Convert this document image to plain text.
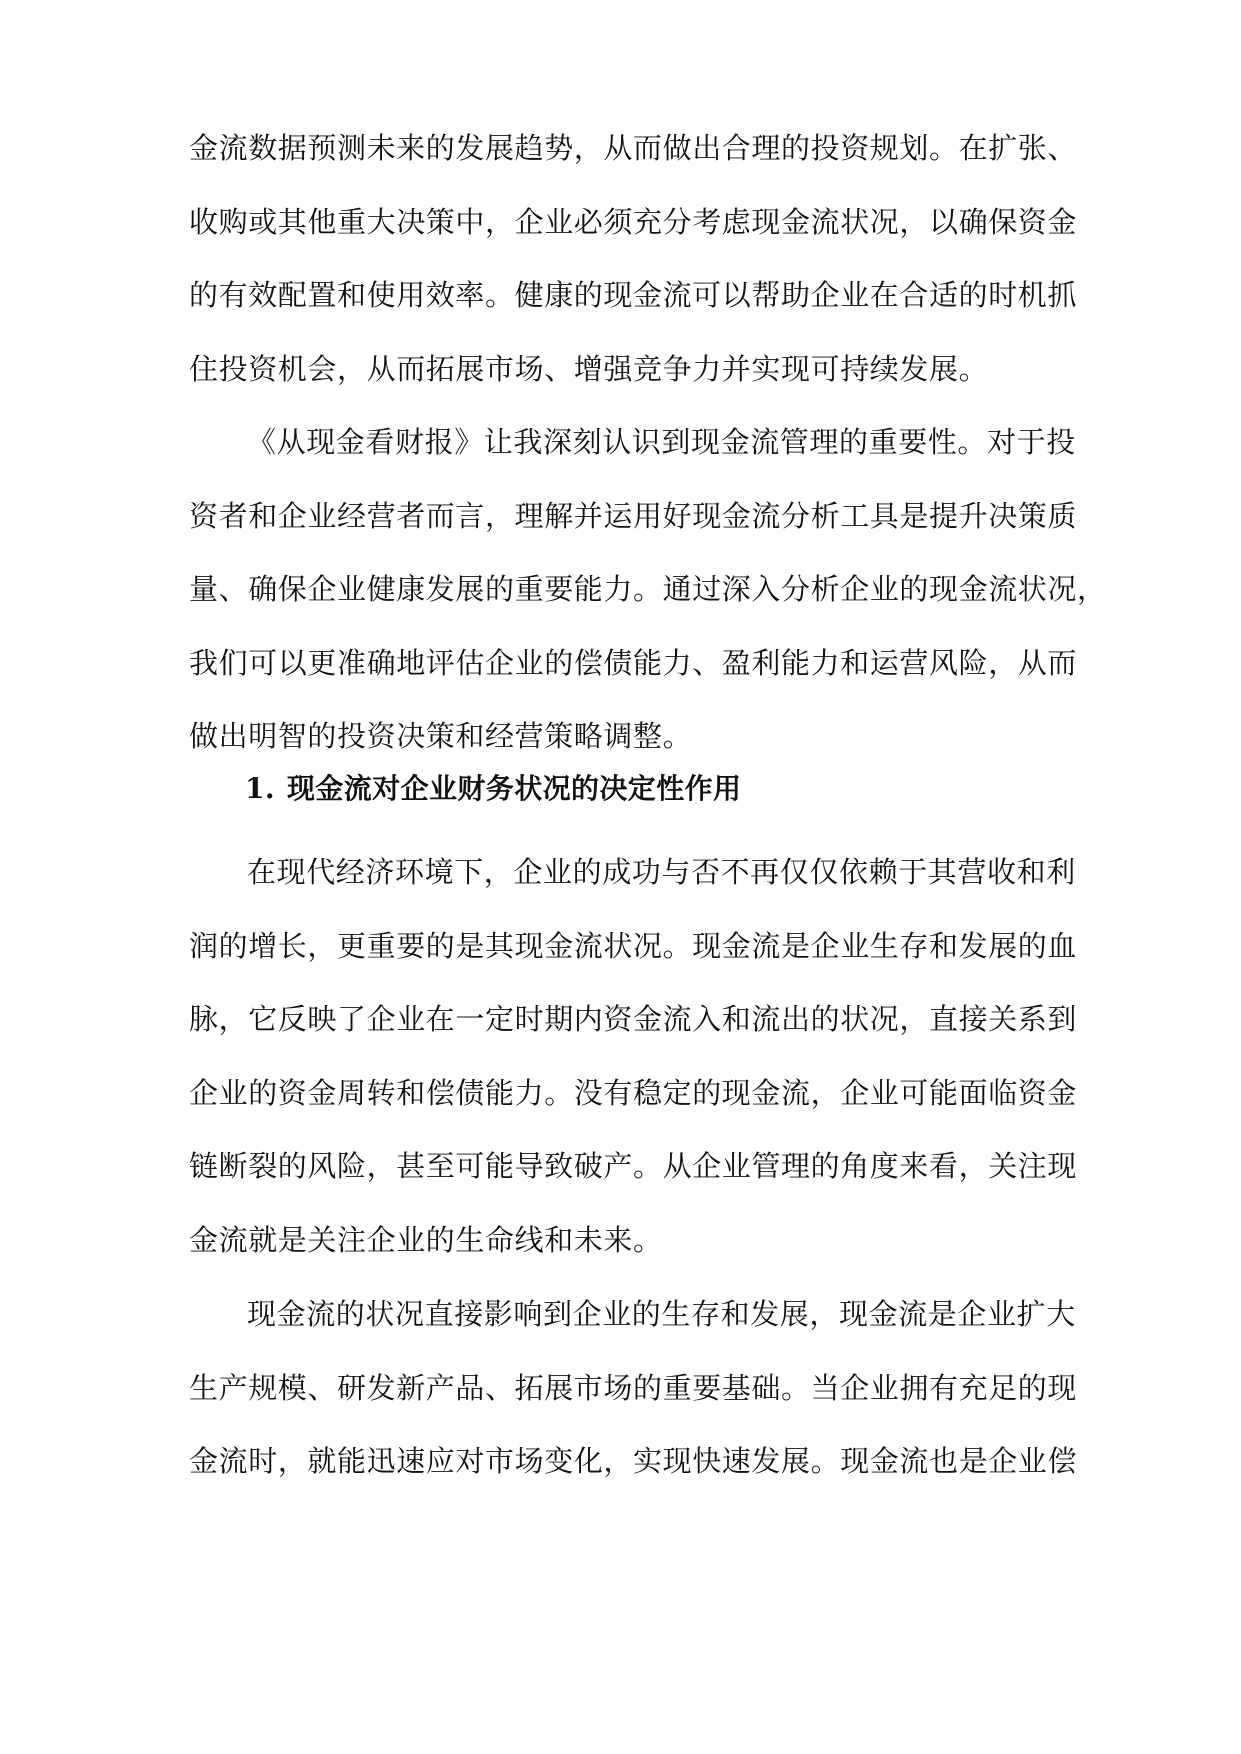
金流数据预测未来的发展趋势，从而做出合理的投资规划。在扩张、
收购或其他重大决策中，企业必须充分考虑现金流状况，以确保资金
的有效配置和使用效率。健康的现金流可以帮助企业在合适的时机抓
住投资机会，从而拓展市场、增强竞争力并实现可持续发展。
《从现金看财报》让我深刻认识到现金流管理的重要性。对于投
资者和企业经营者而言，理解并运用好现金流分析工具是提升决策质
量、确保企业健康发展的重要能力。通过深入分析企业的现金流状况，
我们可以更准确地评估企业的偿债能力、盈利能力和运营风险，从而
做出明智的投资决策和经营策略调整。
1. 现金流对企业财务状况的决定性作用
在现代经济环境下，企业的成功与否不再仅仅依赖于其营收和利
润的增长，更重要的是其现金流状况。现金流是企业生存和发展的血
脉，它反映了企业在一定时期内资金流入和流出的状况，直接关系到
企业的资金周转和偿债能力。没有稳定的现金流，企业可能面临资金
链断裂的风险，甚至可能导致破产。从企业管理的角度来看，关注现
金流就是关注企业的生命线和未来。
现金流的状况直接影响到企业的生存和发展，现金流是企业扩大
生产规模、研发新产品、拓展市场的重要基础。当企业拥有充足的现
金流时，就能迅速应对市场变化，实现快速发展。现金流也是企业偿
